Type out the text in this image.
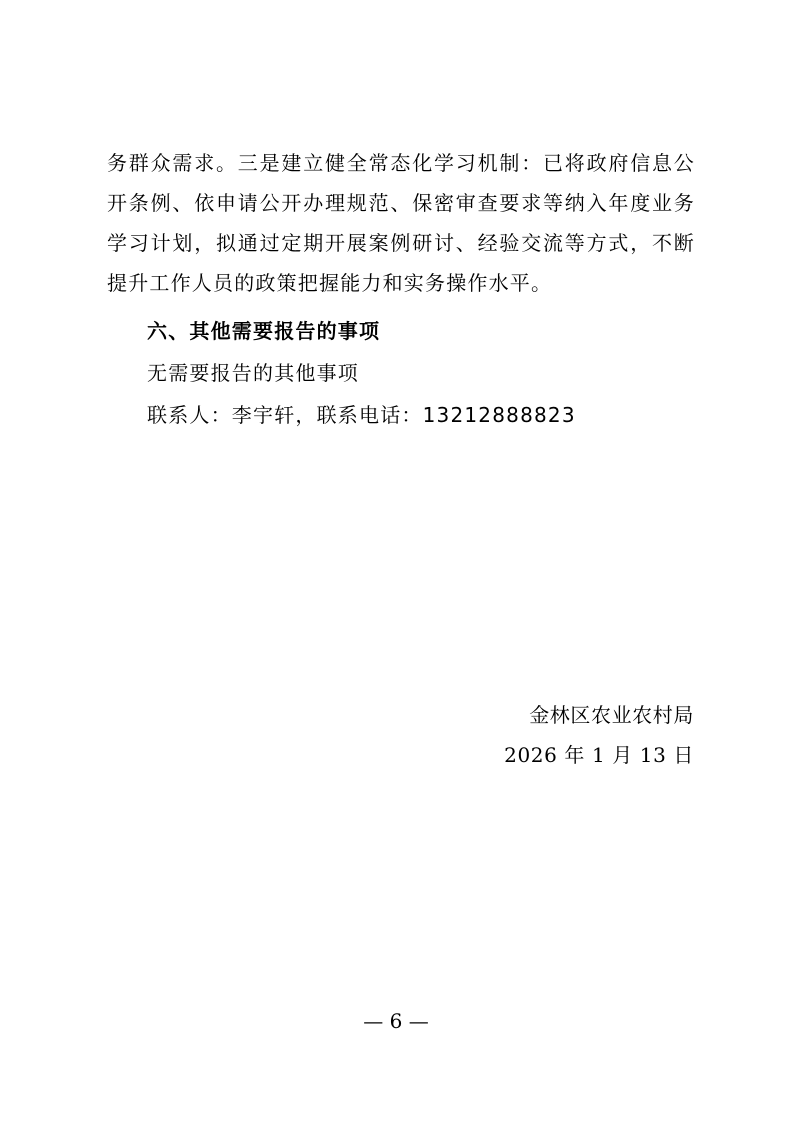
务群众需求。三是建立健全常态化学习机制：已将政府信息公开条例、依申请公开办理规范、保密审查要求等纳入年度业务学习计划，拟通过定期开展案例研讨、经验交流等方式，不断提升工作人员的政策把握能力和实务操作水平。

六、其他需要报告的事项
无需要报告的其他事项
联系人：李宇轩，联系电话：13212888823
金林区农业农村局
2026 年 1 月 13 日
— 6 —
